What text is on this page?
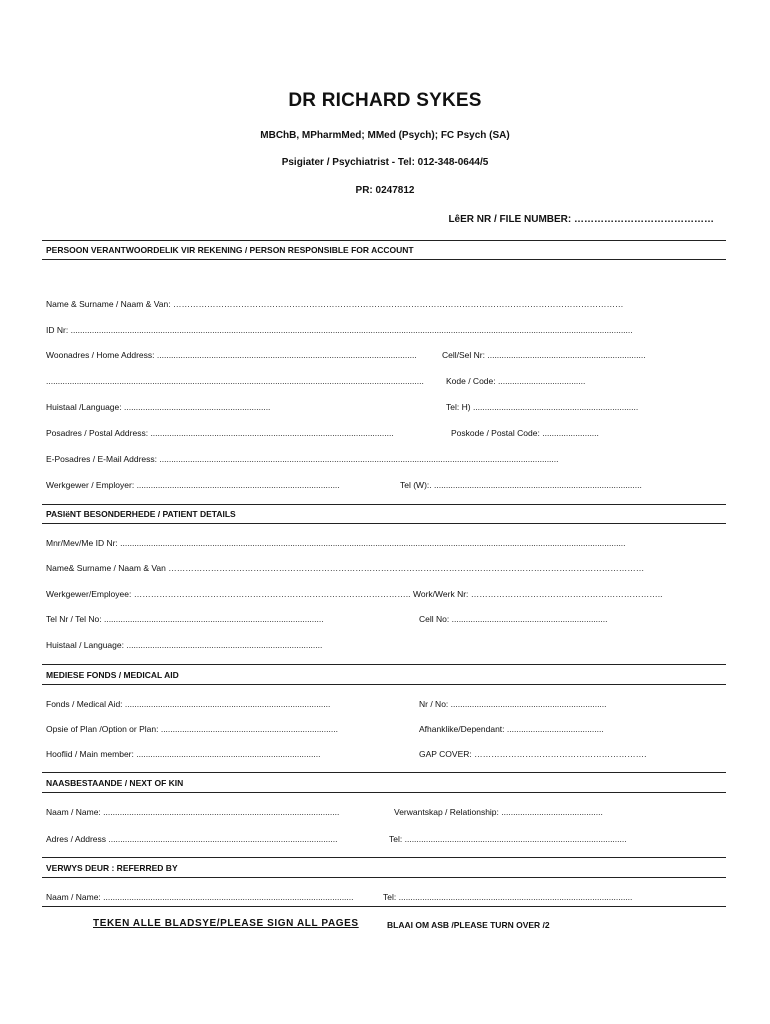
DR RICHARD SYKES
MBChB, MPharmMed; MMed (Psych); FC Psych (SA)
Psigiater / Psychiatrist - Tel: 012-348-0644/5
PR: 0247812
LêER NR / FILE NUMBER: ……………………………………
PERSOON VERANTWOORDELIK VIR REKENING / PERSON RESPONSIBLE FOR ACCOUNT
Name & Surname / Naam & Van: ……………………………………………………………………………………………………………………………………………
ID Nr: ..............................................................................................................................................................................................................................................
Woonadres / Home Address: ..............................................................................................................	Cell/Sel Nr: ...................................................................
................................................................................................................................................................	Kode / Code: .....................................
Huistaal /Language: ..............................................................	Tel: H) ......................................................................
Posadres / Postal Address: .......................................................................................................	Poskode / Postal Code: ........................
E-Posadres / E-Mail Address: .........................................................................................................................................................................
Werkgewer / Employer: ......................................................................................	Tel (W):. ........................................................................................
PASIëNT BESONDERHEDE / PATIENT DETAILS
Mnr/Mev/Me ID Nr: ......................................................................................................................................................................................................................
Name& Surname / Naam & Van ……………………………………………………………………………………………………………………………………………………
Werkgewer/Employee: …………………………………………………………………………………….. Work/Werk Nr: …………………………………………………………..
Tel Nr / Tel No: .............................................................................................	Cell No: ..................................................................
Huistaal / Language: ...................................................................................
MEDIESE FONDS / MEDICAL AID
Fonds / Medical Aid: .......................................................................................	Nr / No: ..................................................................
Opsie of Plan /Option or Plan: ...........................................................................	Afhanklike/Dependant: .........................................
Hooflid / Main member: ..............................................................................	GAP COVER: …………………………………………………….
NAASBESTAANDE / NEXT OF KIN
Naam / Name: ....................................................................................................	Verwantskap / Relationship: ...........................................
Adres / Address .................................................................................................	Tel: ..............................................................................................
VERWYS DEUR : REFERRED BY
Naam / Name: ..........................................................................................................	Tel: ...................................................................................................
TEKEN ALLE BLADSYE/PLEASE SIGN ALL PAGES	BLAAI OM ASB /PLEASE TURN OVER /2
